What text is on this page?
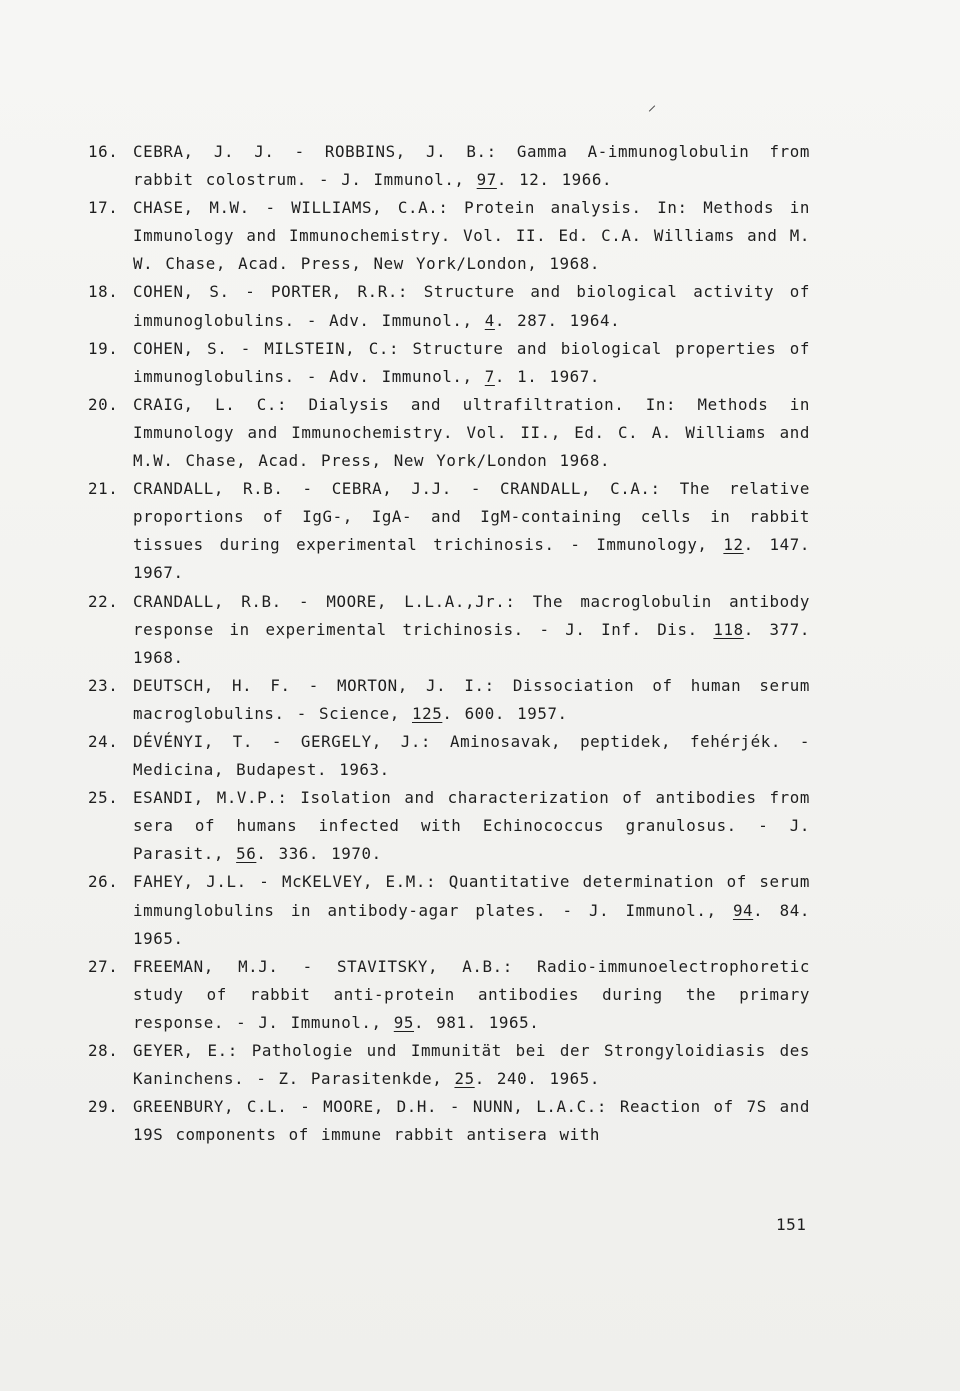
16. CEBRA, J. J. - ROBBINS, J. B.: Gamma A-immunoglobulin from rabbit colostrum. - J. Immunol., 97. 12. 1966.
17. CHASE, M.W. - WILLIAMS, C.A.: Protein analysis. In: Methods in Immunology and Immunochemistry. Vol. II. Ed. C.A. Williams and M. W. Chase, Acad. Press, New York/London, 1968.
18. COHEN, S. - PORTER, R.R.: Structure and biological activity of immunoglobulins. - Adv. Immunol., 4. 287. 1964.
19. COHEN, S. - MILSTEIN, C.: Structure and biological properties of immunoglobulins. - Adv. Immunol., 7. 1. 1967.
20. CRAIG, L. C.: Dialysis and ultrafiltration. In: Methods in Immunology and Immunochemistry. Vol. II., Ed. C. A. Williams and M.W. Chase, Acad. Press, New York/London 1968.
21. CRANDALL, R.B. - CEBRA, J.J. - CRANDALL, C.A.: The relative proportions of IgG-, IgA- and IgM-containing cells in rabbit tissues during experimental trichinosis. - Immunology, 12. 147. 1967.
22. CRANDALL, R.B. - MOORE, L.L.A.,Jr.: The macroglobulin antibody response in experimental trichinosis. - J. Inf. Dis. 118. 377. 1968.
23. DEUTSCH, H. F. - MORTON, J. I.: Dissociation of human serum macroglobulins. - Science, 125. 600. 1957.
24. DÉVÉNYI, T. - GERGELY, J.: Aminosavak, peptidek, fehérjék. - Medicina, Budapest. 1963.
25. ESANDI, M.V.P.: Isolation and characterization of antibodies from sera of humans infected with Echinococcus granulosus. - J. Parasit., 56. 336. 1970.
26. FAHEY, J.L. - McKELVEY, E.M.: Quantitative determination of serum immunglobulins in antibody-agar plates. - J. Immunol., 94. 84. 1965.
27. FREEMAN, M.J. - STAVITSKY, A.B.: Radio-immunoelectrophoretic study of rabbit anti-protein antibodies during the primary response. - J. Immunol., 95. 981. 1965.
28. GEYER, E.: Pathologie und Immunität bei der Strongyloidiasis des Kaninchens. - Z. Parasitenkde, 25. 240. 1965.
29. GREENBURY, C.L. - MOORE, D.H. - NUNN, L.A.C.: Reaction of 7S and 19S components of immune rabbit antisera with
151
